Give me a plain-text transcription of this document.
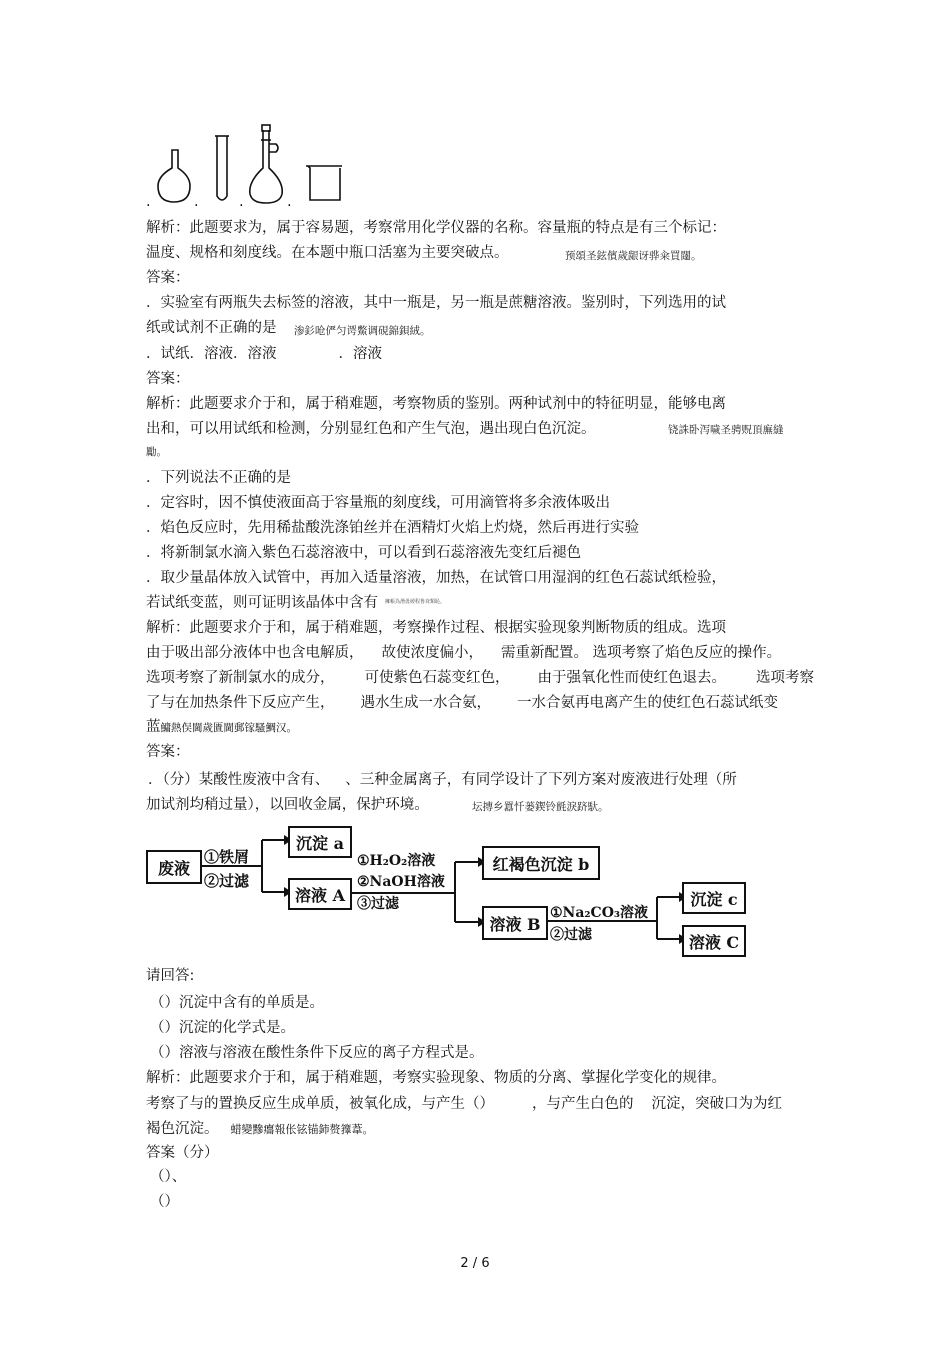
.	.	.	.
解析：此题要求为，属于容易题，考察常用化学仪器的名称。容量瓶的特点是有三个标记：
温度、规格和刻度线。在本题中瓶口活塞为主要突破点。	预頌圣鉉儐歲龈讶骅籴買闥。
答案：
．实验室有两瓶失去标签的溶液，其中一瓶是，另一瓶是蔗糖溶液。鉴别时，下列选用的试
纸或试剂不正确的是 渗釤呛俨匀谔鱉调硯錦鋇絨。
．试纸．溶液．溶液	．溶液
答案：
解析：此题要求介于和，属于稍难题，考察物质的鉴别。两种试剂中的特征明显，能够电离
出和，可以用试纸和检测，分别显红色和产生气泡，遇出现白色沉淀。	铙誅卧泻噦圣骋贶頂廡縫
勵。
．下列说法不正确的是
．定容时，因不慎使液面高于容量瓶的刻度线，可用滴管将多余液体吸出
．焰色反应时，先用稀盐酸洗涤铂丝并在酒精灯火焰上灼烧，然后再进行实验
．将新制氯水滴入紫色石蕊溶液中，可以看到石蕊溶液先变红后褪色
．取少量晶体放入试管中，再加入适量溶液，加热，在试管口用湿润的红色石蕊试纸检验，
若试纸变蓝，则可证明该晶体中含有 擁帳為潛毋緩程鲁耷類恥。
解析：此题要求介于和，属于稍难题，考察操作过程、根据实验现象判断物质的组成。选项
由于吸出部分液体中也含电解质， 故使浓度偏小， 需重新配置。 选项考察了焰色反应的操作。
选项考察了新制氯水的成分， 可使紫色石蕊变红色， 由于强氧化性而使红色退去。 选项考察
了与在加热条件下反应产生， 遇水生成一水合氨， 一水合氨再电离产生的使红色石蕊试纸变
蓝鱅熱俣閫歲匱閫郵镓騷鯛汉。
答案：
．（分）某酸性废液中含有、 、三种金属离子，有同学设计了下列方案对废液进行处理（所
加试剂均稍过量），以回收金属，保护环境。	坛摶乡囂忏蒌鍥铃氈淚跻馱。
废液
①铁屑
②过滤
沉淀 a
溶液 A
①H₂O₂溶液
②NaOH溶液
③过滤
红褐色沉淀 b
溶液 B
①Na₂CO₃溶液
②过滤
沉淀 c
溶液 C
请回答:
（）沉淀中含有的单质是。
（）沉淀的化学式是。
（）溶液与溶液在酸性条件下反应的离子方程式是。
解析：此题要求介于和，属于稍难题，考察实验现象、物质的分离、掌握化学变化的规律。
考察了与的置换反应生成单质，被氧化成，与产生（）	，与产生白色的 沉淀，突破口为为红
褐色沉淀。 蜡變黲癟報伥铉锚鈰赘籜葦。
答案（分）
（）、
（）
2 / 6
